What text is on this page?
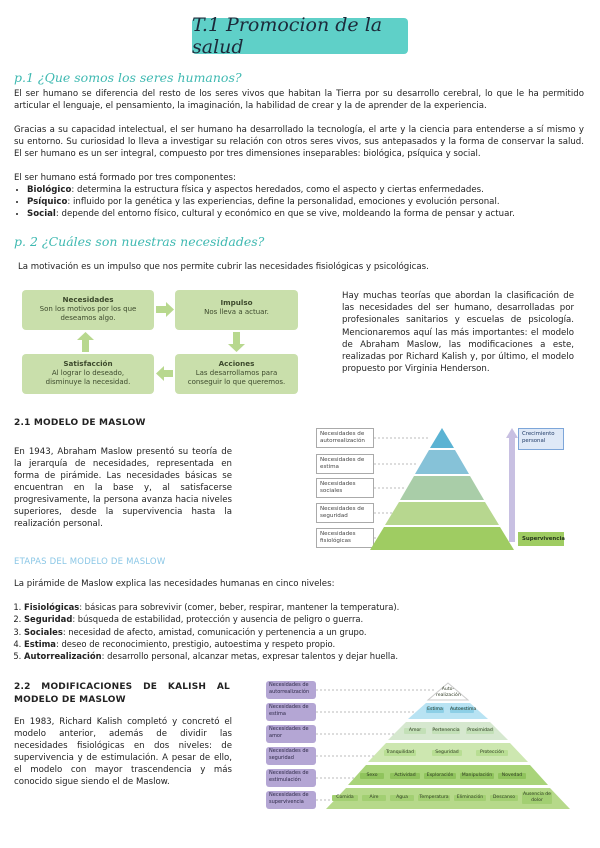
T.1 Promocion de la salud
p.1 ¿Que somos los seres humanos?
El ser humano se diferencia del resto de los seres vivos que habitan la Tierra por su desarrollo cerebral, lo que le ha permitido articular el lenguaje, el pensamiento, la imaginación, la habilidad de crear y la de aprender de la experiencia.
Gracias a su capacidad intelectual, el ser humano ha desarrollado la tecnología, el arte y la ciencia para entenderse a sí mismo y su entorno. Su curiosidad lo lleva a investigar su relación con otros seres vivos, sus antepasados y la forma de conservar la salud. El ser humano es un ser integral, compuesto por tres dimensiones inseparables: biológica, psíquica y social.
El ser humano está formado por tres componentes:
• Biológico: determina la estructura física y aspectos heredados, como el aspecto y ciertas enfermedades.
• Psíquico: influido por la genética y las experiencias, define la personalidad, emociones y evolución personal.
• Social: depende del entorno físico, cultural y económico en que se vive, moldeando la forma de pensar y actuar.
p. 2 ¿Cuáles son nuestras necesidades?
La motivación es un impulso que nos permite cubrir las necesidades fisiológicas y psicológicas.
Necesidades
Son los motivos por los que deseamos algo.
Impulso
Nos lleva a actuar.
Satisfacción
Al lograr lo deseado, disminuye la necesidad.
Acciones
Las desarrollamos para conseguir lo que queremos.
Hay muchas teorías que abordan la clasificación de las necesidades del ser humano, desarrolladas por profesionales sanitarios y escuelas de psicología. Mencionaremos aquí las más importantes: el modelo de Abraham Maslow, las modificaciones a este, realizadas por Richard Kalish y, por último, el modelo propuesto por Virginia Henderson.
2.1 MODELO DE MASLOW
En 1943, Abraham Maslow presentó su teoría de la jerarquía de necesidades, representada en forma de pirámide. Las necesidades básicas se encuentran en la base y, al satisfacerse progresivamente, la persona avanza hacia niveles superiores, desde la supervivencia hasta la realización personal.
Necesidades de autorrealización
Necesidades de estima
Necesidades sociales
Necesidades de seguridad
Necesidades fisiológicas
Crecimiento personal
Supervivencia
ETAPAS DEL MODELO DE MASLOW
La pirámide de Maslow explica las necesidades humanas en cinco niveles:
1. Fisiológicas: básicas para sobrevivir (comer, beber, respirar, mantener la temperatura).
2. Seguridad: búsqueda de estabilidad, protección y ausencia de peligro o guerra.
3. Sociales: necesidad de afecto, amistad, comunicación y pertenencia a un grupo.
4. Estima: deseo de reconocimiento, prestigio, autoestima y respeto propio.
5. Autorrealización: desarrollo personal, alcanzar metas, expresar talentos y dejar huella.
2.2 MODIFICACIONES DE KALISH AL MODELO DE MASLOW
En 1983, Richard Kalish completó y concretó el modelo anterior, además de dividir las necesidades fisiológicas en dos niveles: de supervivencia y de estimulación. A pesar de ello, el modelo con mayor trascendencia y más conocido sigue siendo el de Maslow.
Necesidades de autorrealización
Necesidades de estima
Necesidades de amor
Necesidades de seguridad
Necesidades de estimulación
Necesidades de supervivencia
Auto-realización
Estima Autoestima
Amor	Pertenencia Proximidad
Tranquilidad	Seguridad	Protección
Sexo	Actividad	Exploración	Manipulación	Novedad
Comida	Aire	Agua	Temperatura	Eliminación	Descanso
Ausencia de dolor
